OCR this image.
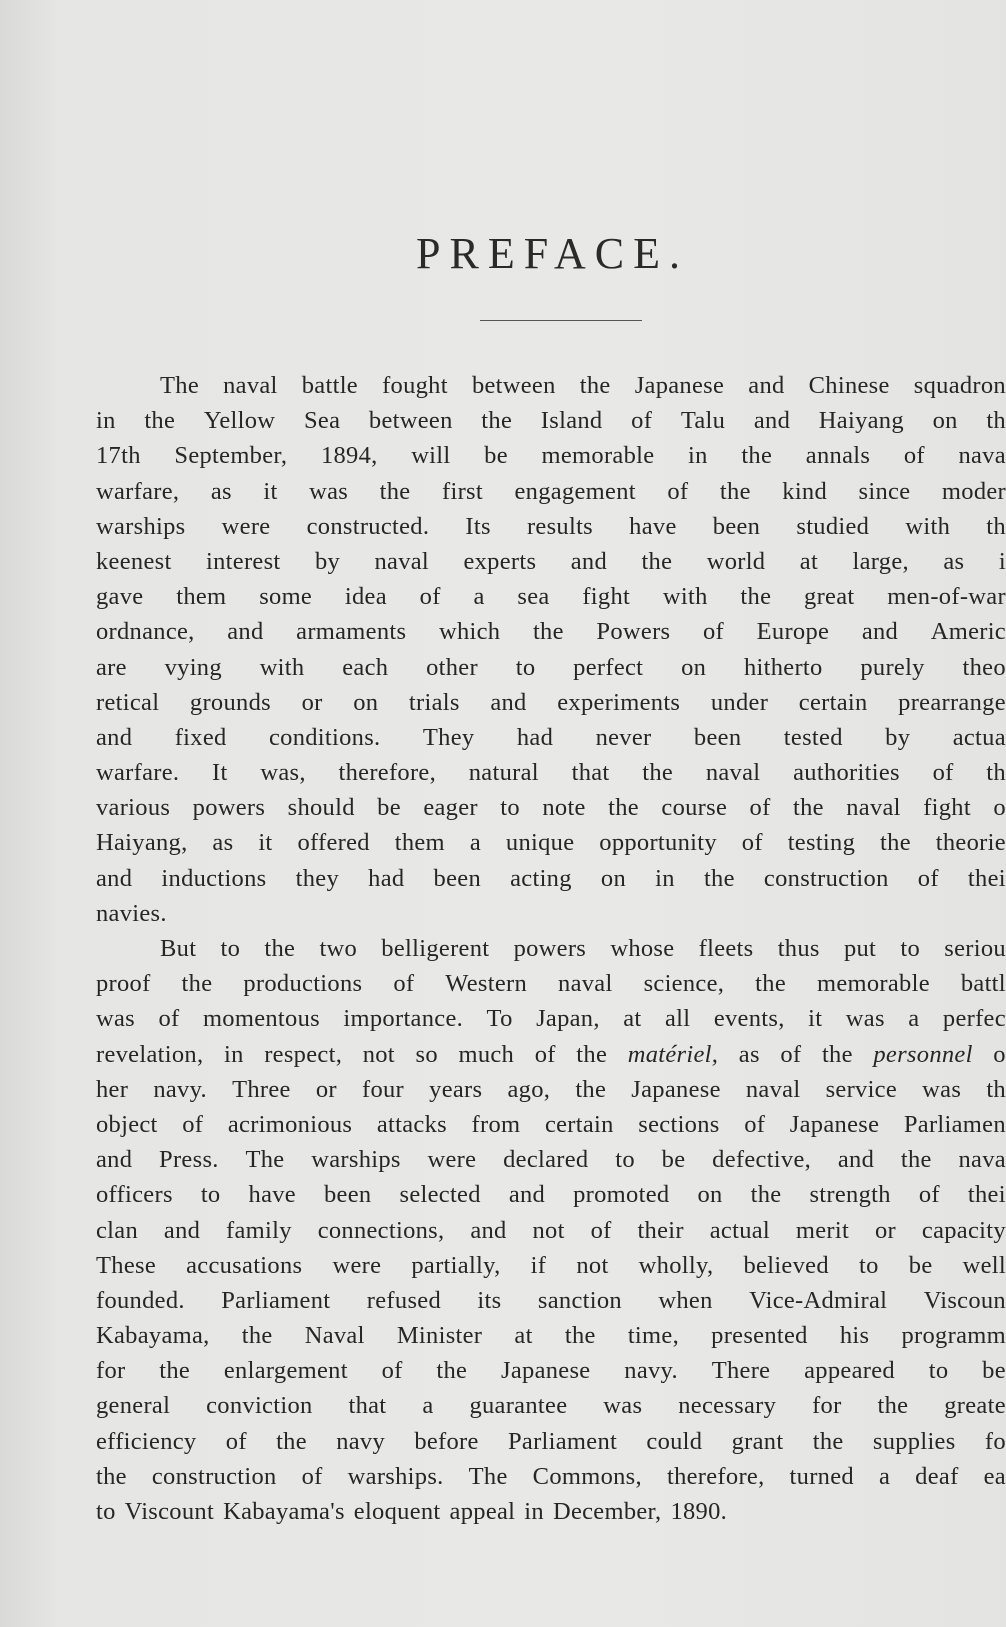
PREFACE.
The naval battle fought between the Japanese and Chinese squadron
in the Yellow Sea between the Island of Talu and Haiyang on th
17th September, 1894, will be memorable in the annals of nava
warfare, as it was the first engagement of the kind since moder
warships were constructed. Its results have been studied with th
keenest interest by naval experts and the world at large, as i
gave them some idea of a sea fight with the great men-of-war
ordnance, and armaments which the Powers of Europe and Americ
are vying with each other to perfect on hitherto purely theo
retical grounds or on trials and experiments under certain prearrange
and fixed conditions. They had never been tested by actua
warfare. It was, therefore, natural that the naval authorities of th
various powers should be eager to note the course of the naval fight o
Haiyang, as it offered them a unique opportunity of testing the theorie
and inductions they had been acting on in the construction of thei
navies.
But to the two belligerent powers whose fleets thus put to seriou
proof the productions of Western naval science, the memorable battl
was of momentous importance. To Japan, at all events, it was a perfec
revelation, in respect, not so much of the matériel, as of the personnel o
her navy. Three or four years ago, the Japanese naval service was th
object of acrimonious attacks from certain sections of Japanese Parliamen
and Press. The warships were declared to be defective, and the nava
officers to have been selected and promoted on the strength of thei
clan and family connections, and not of their actual merit or capacity
These accusations were partially, if not wholly, believed to be well
founded. Parliament refused its sanction when Vice-Admiral Viscoun
Kabayama, the Naval Minister at the time, presented his programm
for the enlargement of the Japanese navy. There appeared to be
general conviction that a guarantee was necessary for the greate
efficiency of the navy before Parliament could grant the supplies fo
the construction of warships. The Commons, therefore, turned a deaf ea
to Viscount Kabayama's eloquent appeal in December, 1890.
